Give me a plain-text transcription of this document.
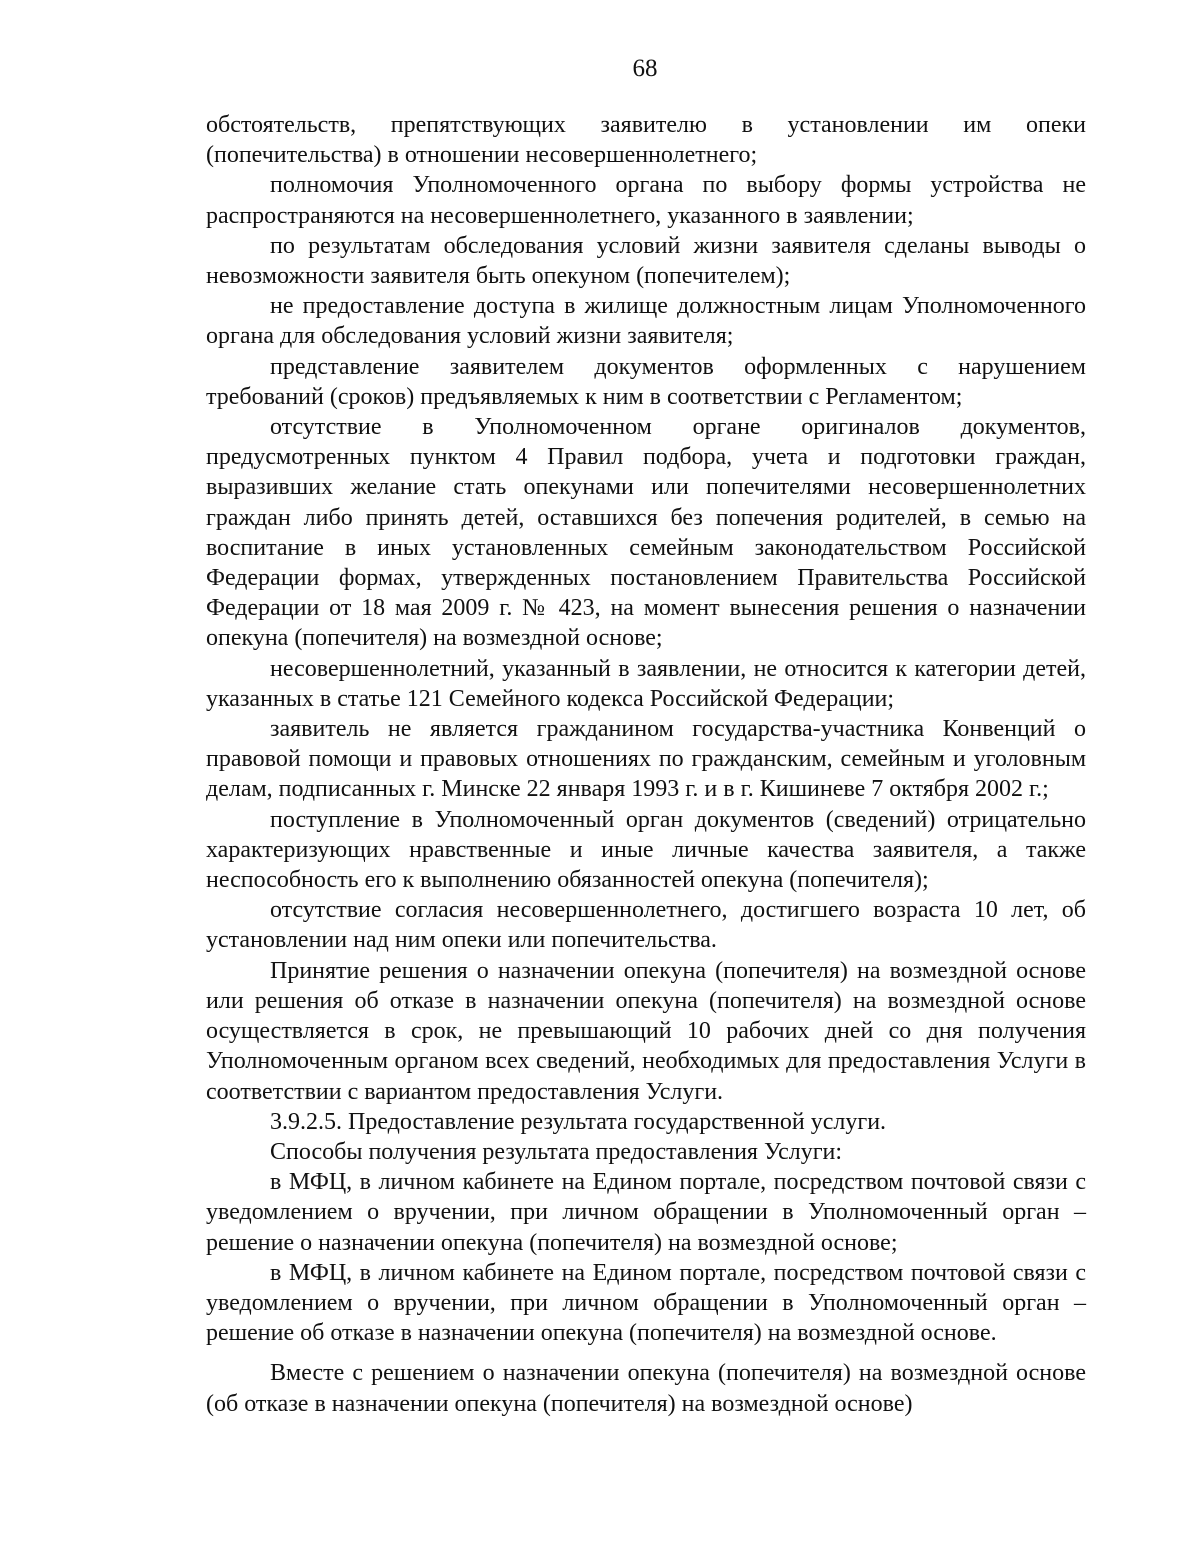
68

обстоятельств, препятствующих заявителю в установлении им опеки (попечительства) в отношении несовершеннолетнего;

полномочия Уполномоченного органа по выбору формы устройства не распространяются на несовершеннолетнего, указанного в заявлении;

по результатам обследования условий жизни заявителя сделаны выводы о невозможности заявителя быть опекуном (попечителем);

не предоставление доступа в жилище должностным лицам Уполномоченного органа для обследования условий жизни заявителя;

представление заявителем документов оформленных с нарушением требований (сроков) предъявляемых к ним в соответствии с Регламентом;

отсутствие в Уполномоченном органе оригиналов документов, предусмотренных пунктом 4 Правил подбора, учета и подготовки граждан, выразивших желание стать опекунами или попечителями несовершеннолетних граждан либо принять детей, оставшихся без попечения родителей, в семью на воспитание в иных установленных семейным законодательством Российской Федерации формах, утвержденных постановлением Правительства Российской Федерации от 18 мая 2009 г. № 423, на момент вынесения решения о назначении опекуна (попечителя) на возмездной основе;

несовершеннолетний, указанный в заявлении, не относится к категории детей, указанных в статье 121 Семейного кодекса Российской Федерации;

заявитель не является гражданином государства-участника Конвенций о правовой помощи и правовых отношениях по гражданским, семейным и уголовным делам, подписанных г. Минске 22 января 1993 г. и в г. Кишиневе 7 октября 2002 г.;

поступление в Уполномоченный орган документов (сведений) отрицательно характеризующих нравственные и иные личные качества заявителя, а также неспособность его к выполнению обязанностей опекуна (попечителя);

отсутствие согласия несовершеннолетнего, достигшего возраста 10 лет, об установлении над ним опеки или попечительства.

Принятие решения о назначении опекуна (попечителя) на возмездной основе или решения об отказе в назначении опекуна (попечителя) на возмездной основе осуществляется в срок, не превышающий 10 рабочих дней со дня получения Уполномоченным органом всех сведений, необходимых для предоставления Услуги в соответствии с вариантом предоставления Услуги.

3.9.2.5. Предоставление результата государственной услуги.

Способы получения результата предоставления Услуги:

в МФЦ, в личном кабинете на Едином портале, посредством почтовой связи с уведомлением о вручении, при личном обращении в Уполномоченный орган – решение о назначении опекуна (попечителя) на возмездной основе;

в МФЦ, в личном кабинете на Едином портале, посредством почтовой связи с уведомлением о вручении, при личном обращении в Уполномоченный орган – решение об отказе в назначении опекуна (попечителя) на возмездной основе.

Вместе с решением о назначении опекуна (попечителя) на возмездной основе (об отказе в назначении опекуна (попечителя) на возмездной основе)
